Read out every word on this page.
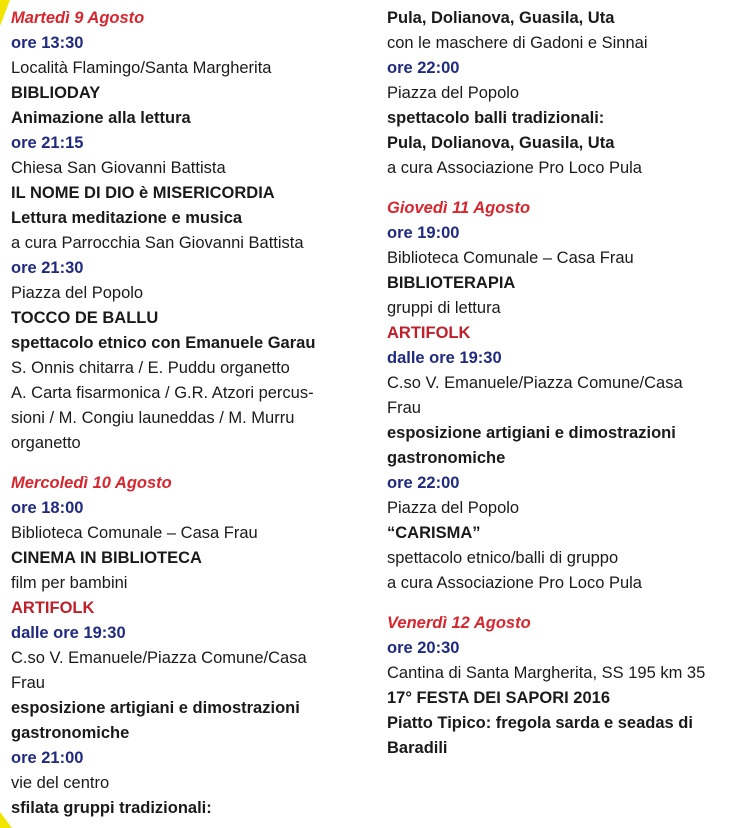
Martedì 9 Agosto
ore 13:30
Località Flamingo/Santa Margherita
BIBLIODAY
Animazione alla lettura
ore 21:15
Chiesa San Giovanni Battista
IL NOME DI DIO è MISERICORDIA
Lettura meditazione e musica
a cura Parrocchia San Giovanni Battista
ore 21:30
Piazza del Popolo
TOCCO DE BALLU
spettacolo etnico con Emanuele Garau
S. Onnis chitarra / E. Puddu organetto
A. Carta fisarmonica / G.R. Atzori percus-
sioni / M. Congiu launeddas / M. Murru
organetto
Mercoledì 10 Agosto
ore 18:00
Biblioteca Comunale – Casa Frau
CINEMA IN BIBLIOTECA
film per bambini
ARTIFOLK
dalle ore 19:30
C.so V. Emanuele/Piazza Comune/Casa
Frau
esposizione artigiani e dimostrazioni
gastronomiche
ore 21:00
vie del centro
sfilata gruppi tradizionali:
Pula, Dolianova, Guasila, Uta
con le maschere di Gadoni e Sinnai
ore 22:00
Piazza del Popolo
spettacolo balli tradizionali:
Pula, Dolianova, Guasila, Uta
a cura Associazione Pro Loco Pula
Giovedì 11 Agosto
ore 19:00
Biblioteca Comunale – Casa Frau
BIBLIOTERAPIA
gruppi di lettura
ARTIFOLK
dalle ore 19:30
C.so V. Emanuele/Piazza Comune/Casa
Frau
esposizione artigiani e dimostrazioni
gastronomiche
ore 22:00
Piazza del Popolo
“CARISMA”
spettacolo etnico/balli di gruppo
a cura Associazione Pro Loco Pula
Venerdì 12 Agosto
ore 20:30
Cantina di Santa Margherita, SS 195 km 35
17° FESTA DEI SAPORI 2016
Piatto Tipico: fregola sarda e seadas di
Baradili
